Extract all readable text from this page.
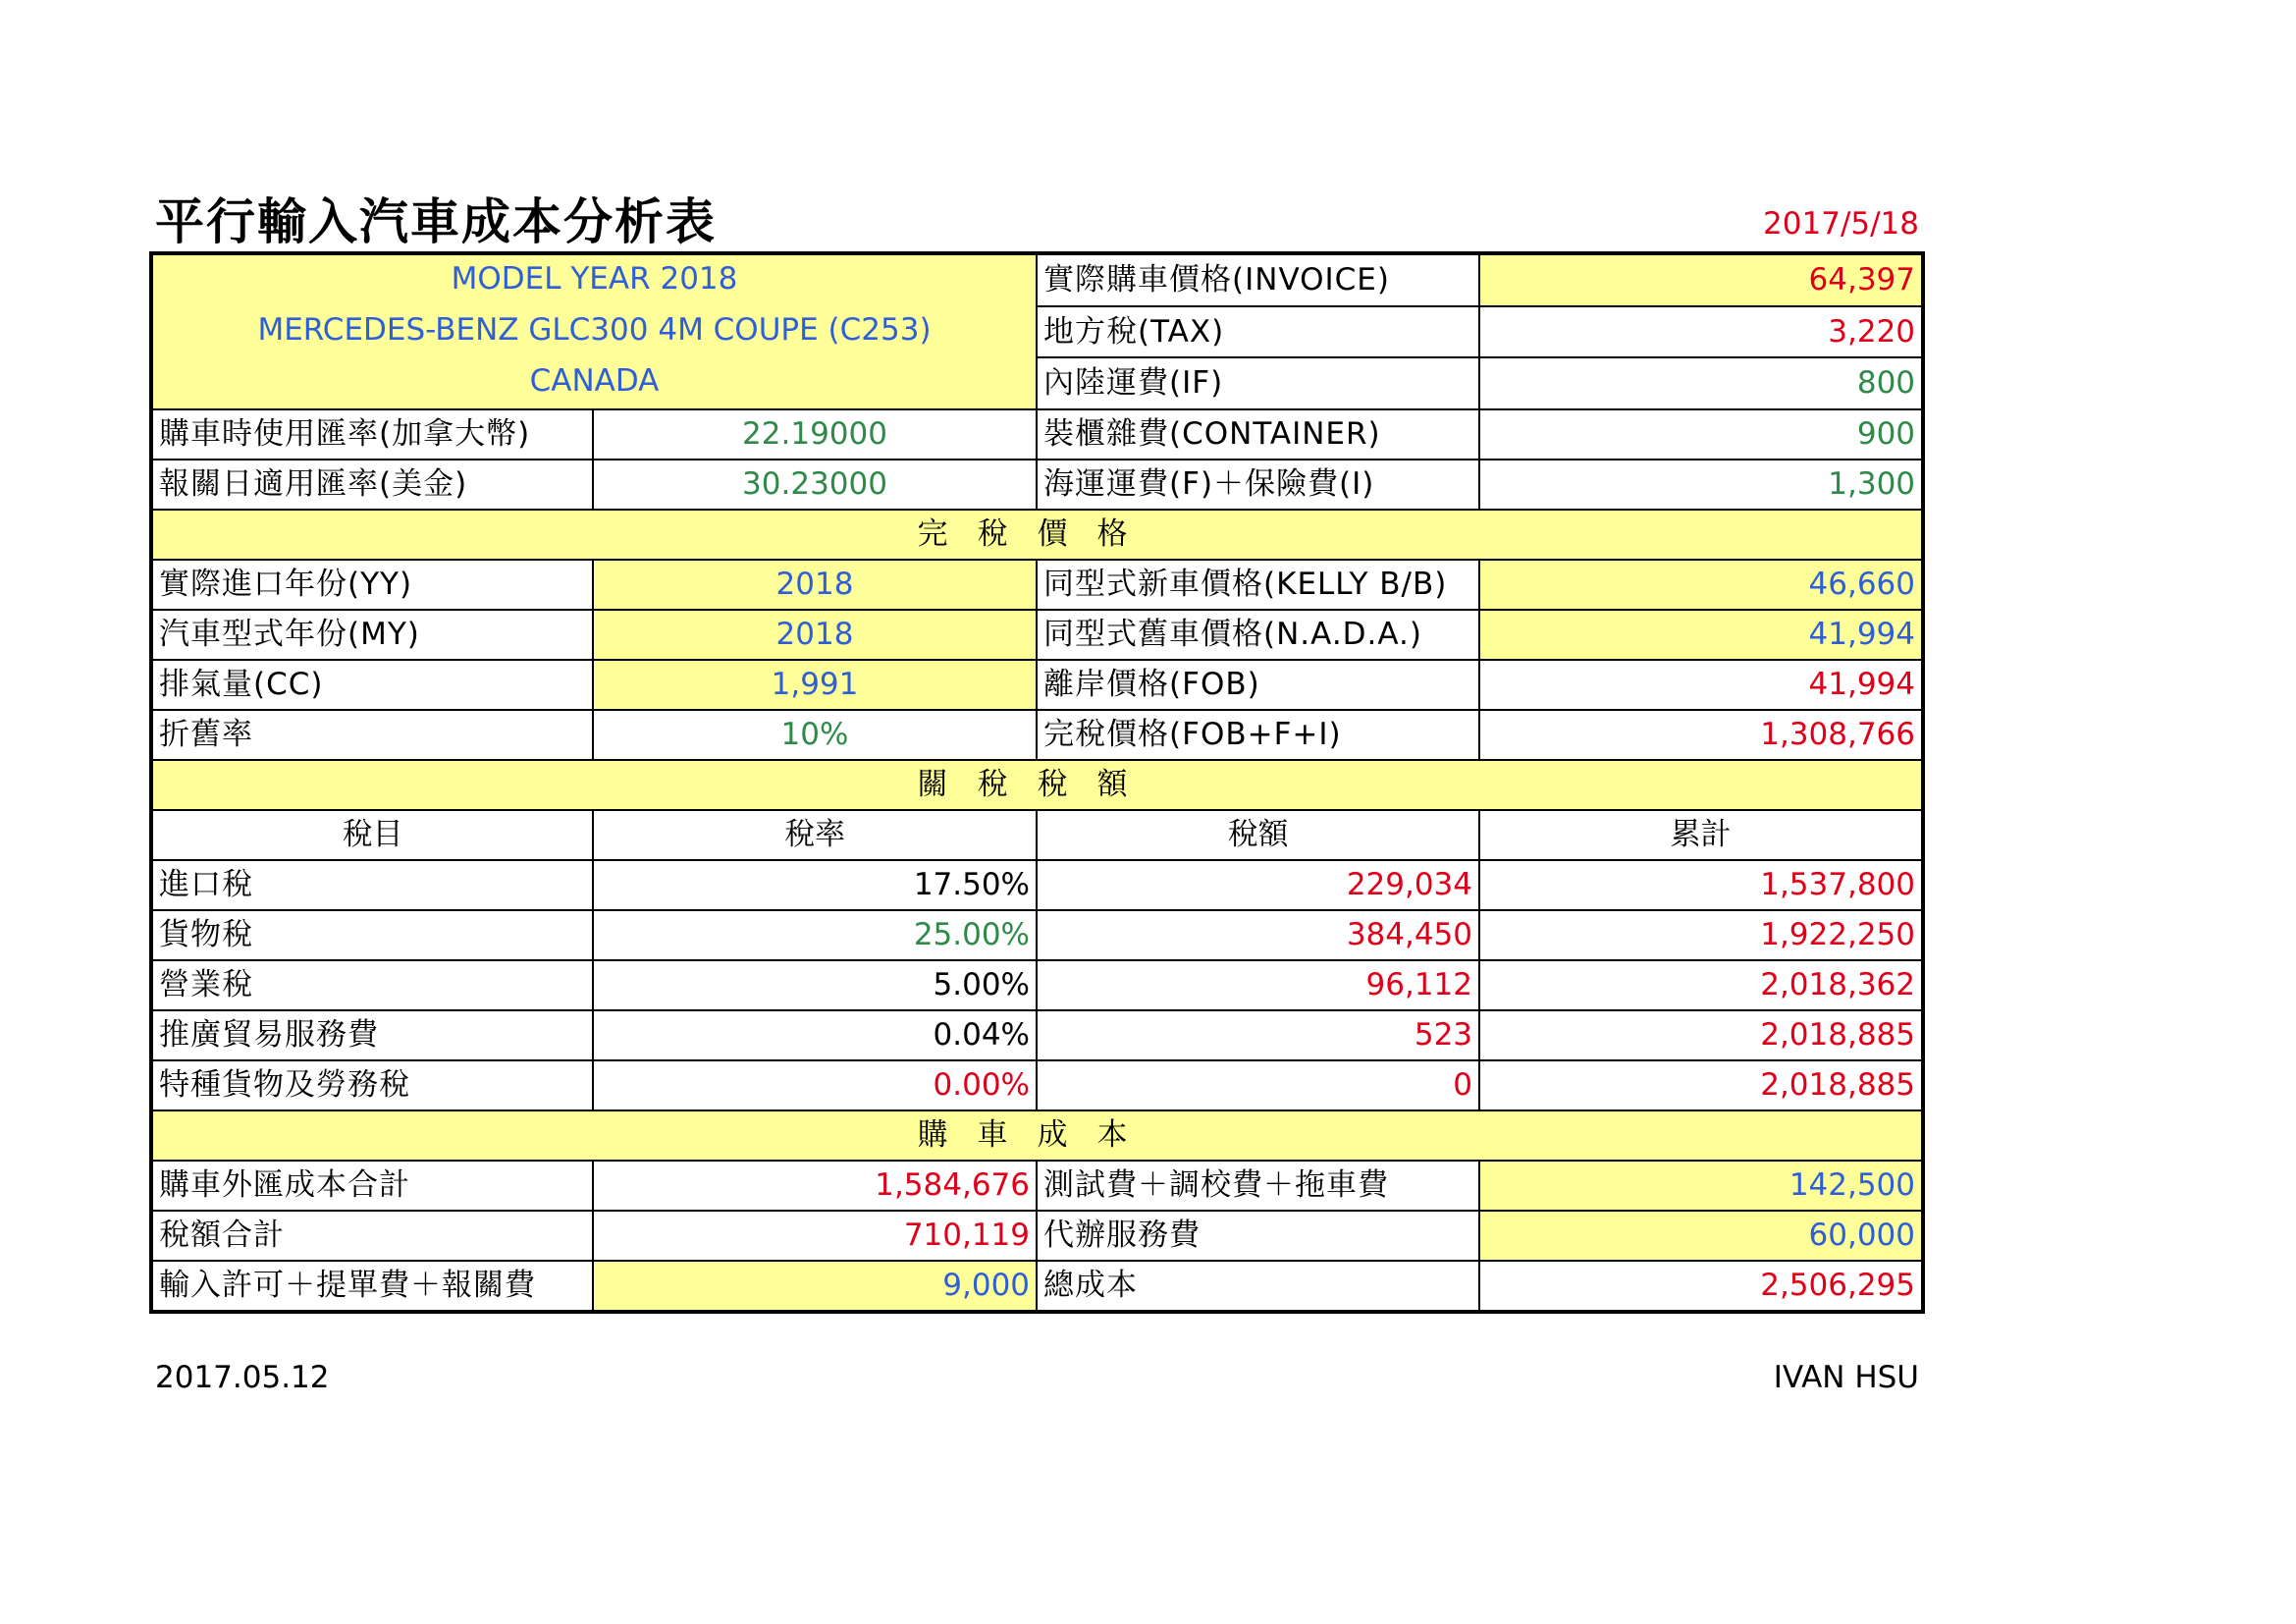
平行輸入汽車成本分析表	2017/5/18
MODEL YEAR 2018
MERCEDES-BENZ GLC300 4M COUPE (C253)
CANADA		實際購車價格(INVOICE)	64,397
		地方稅(TAX)	3,220
		內陸運費(IF)	800
購車時使用匯率(加拿大幣)	22.19000	裝櫃雜費(CONTAINER)	900
報關日適用匯率(美金)	30.23000	海運運費(F)＋保險費(I)	1,300
完稅價格			
實際進口年份(YY)	2018	同型式新車價格(KELLY B/B)	46,660
汽車型式年份(MY)	2018	同型式舊車價格(N.A.D.A.)	41,994
排氣量(CC)	1,991	離岸價格(FOB)	41,994
折舊率	10%	完稅價格(FOB+F+I)	1,308,766
關稅稅額			
稅目	稅率	稅額	累計
進口稅	17.50%	229,034	1,537,800
貨物稅	25.00%	384,450	1,922,250
營業稅	5.00%	96,112	2,018,362
推廣貿易服務費	0.04%	523	2,018,885
特種貨物及勞務稅	0.00%	0	2,018,885
購車成本			
購車外匯成本合計	1,584,676	測試費＋調校費＋拖車費	142,500
稅額合計	710,119	代辦服務費	60,000
輸入許可＋提單費＋報關費	9,000	總成本	2,506,295
2017.05.12	IVAN HSU
